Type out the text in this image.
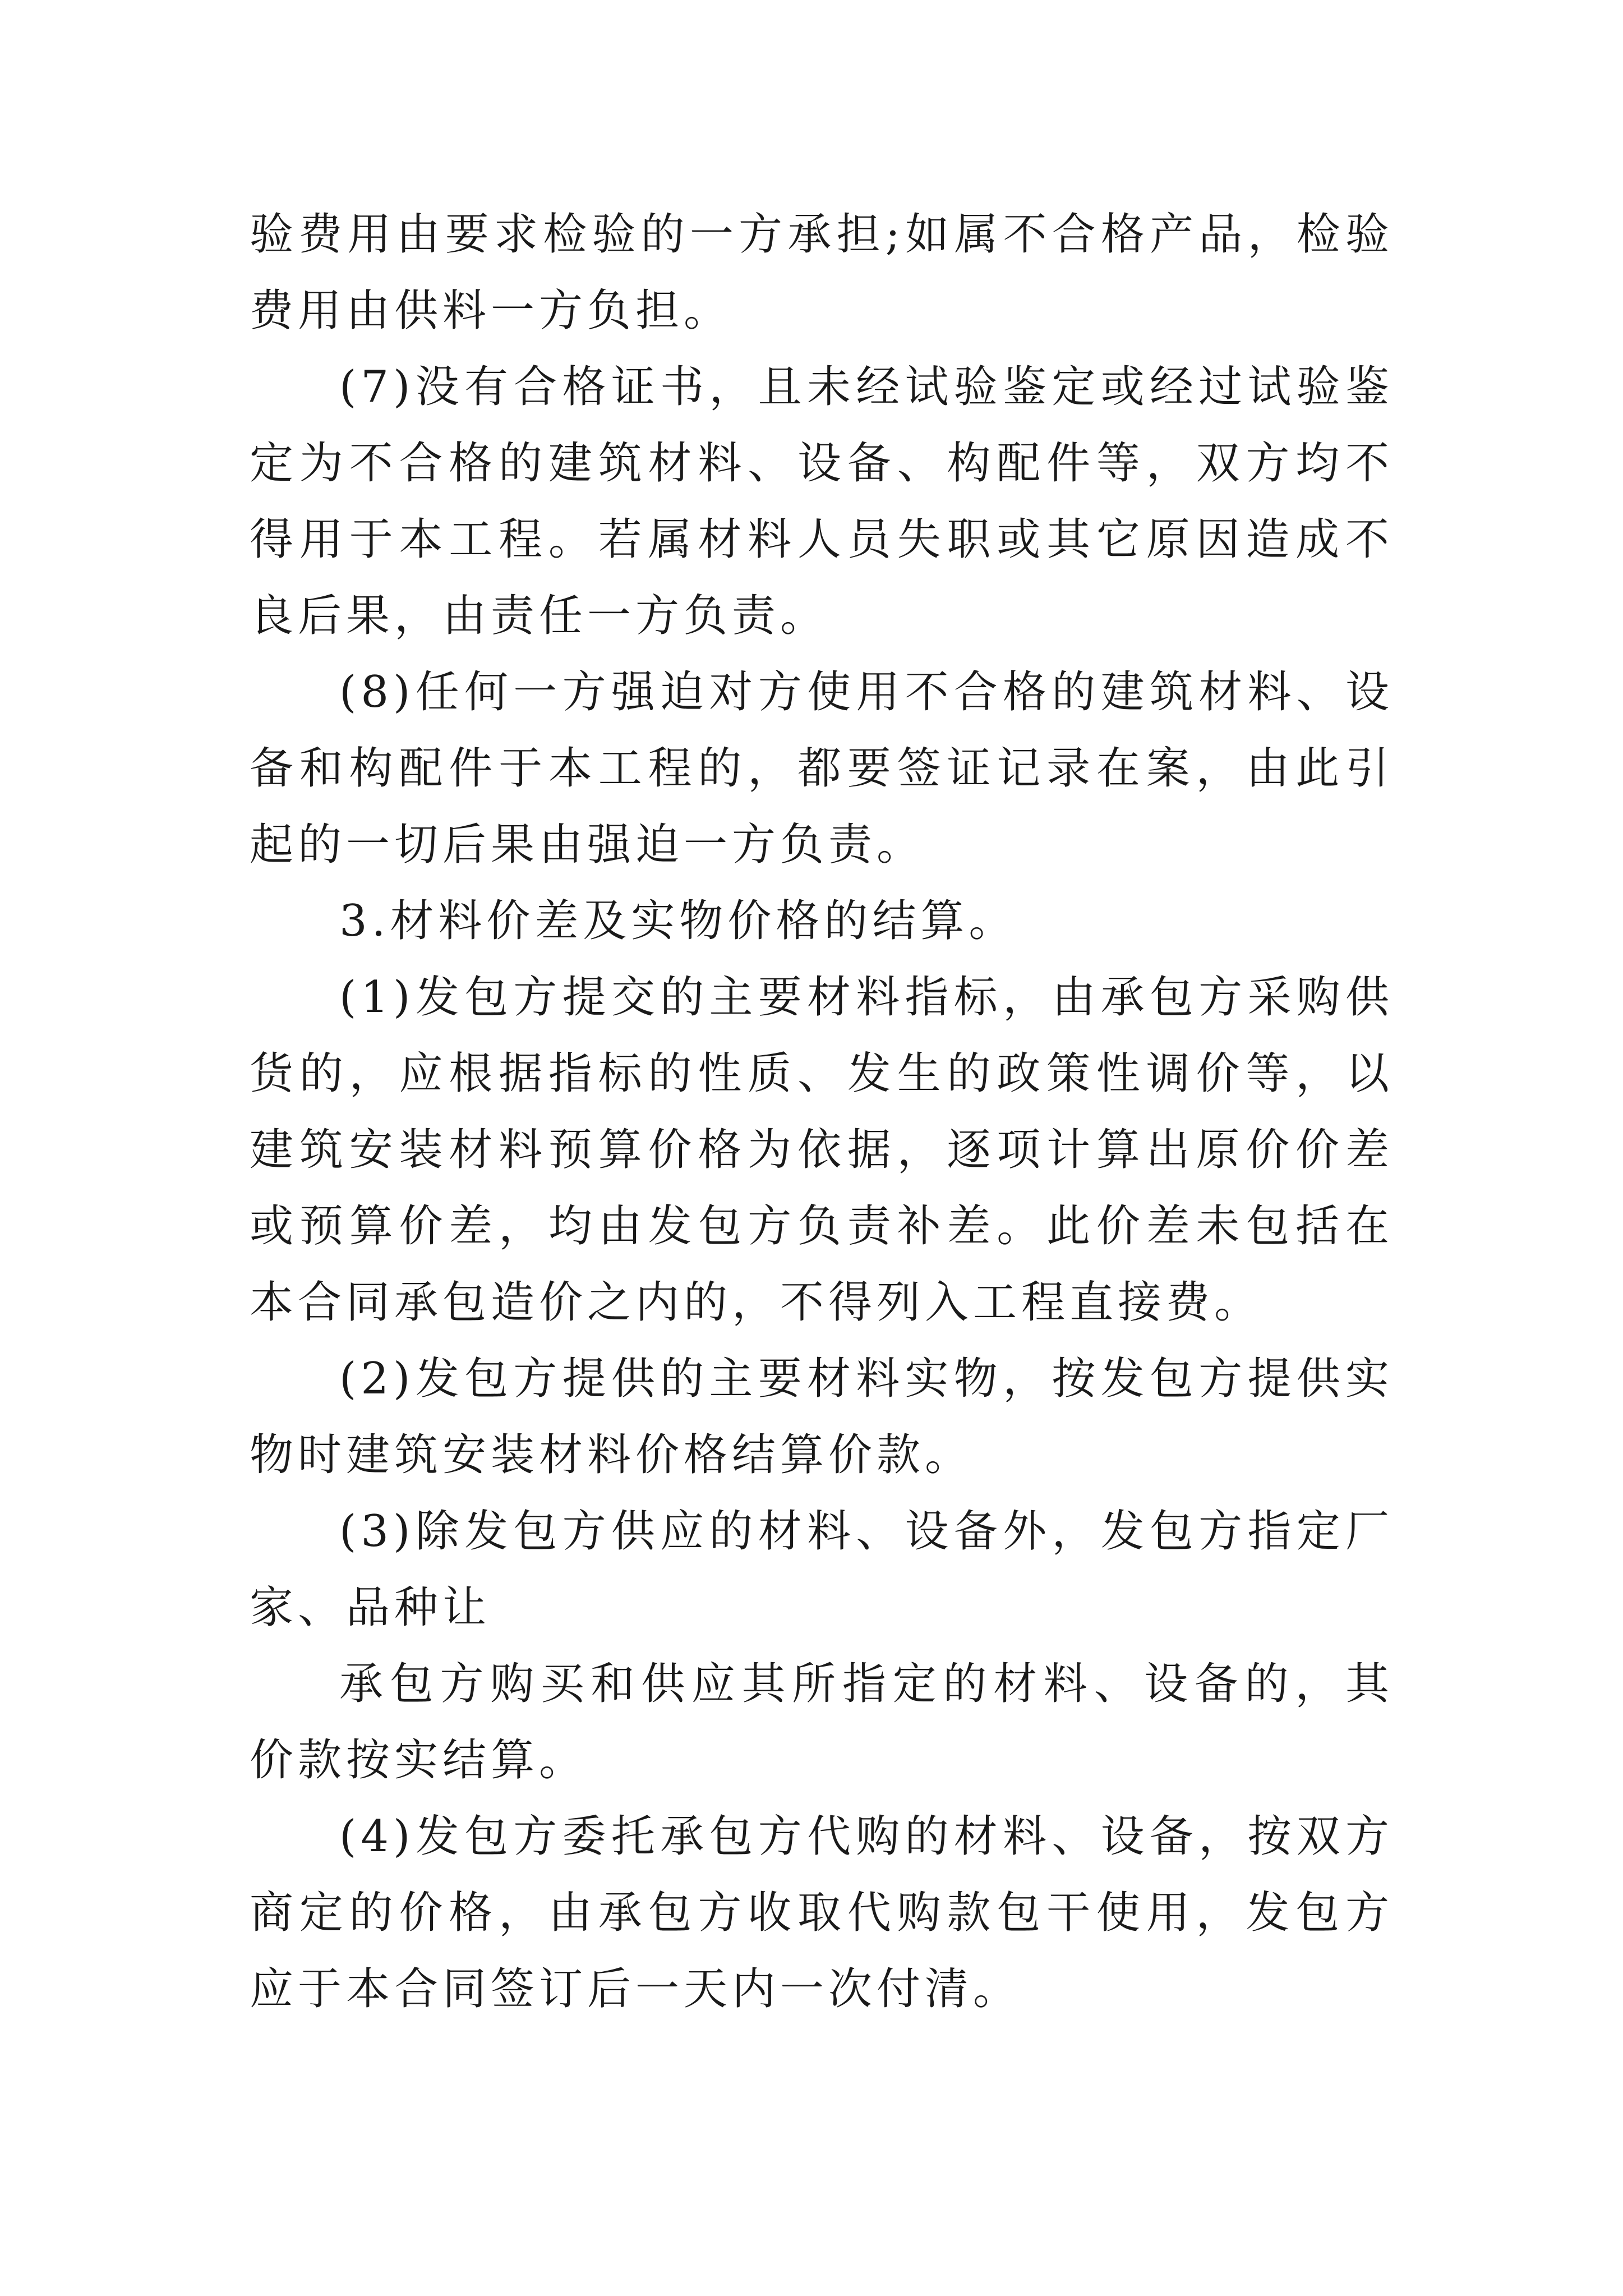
验费用由要求检验的一方承担;如属不合格产品，检验费用由供料一方负担。

(7)没有合格证书，且未经试验鉴定或经过试验鉴定为不合格的建筑材料、设备、构配件等，双方均不得用于本工程。若属材料人员失职或其它原因造成不良后果，由责任一方负责。

(8)任何一方强迫对方使用不合格的建筑材料、设备和构配件于本工程的，都要签证记录在案，由此引起的一切后果由强迫一方负责。

3.材料价差及实物价格的结算。

(1)发包方提交的主要材料指标，由承包方采购供货的，应根据指标的性质、发生的政策性调价等，以建筑安装材料预算价格为依据，逐项计算出原价价差或预算价差，均由发包方负责补差。此价差未包括在本合同承包造价之内的，不得列入工程直接费。

(2)发包方提供的主要材料实物，按发包方提供实物时建筑安装材料价格结算价款。

(3)除发包方供应的材料、设备外，发包方指定厂家、品种让

承包方购买和供应其所指定的材料、设备的，其价款按实结算。

(4)发包方委托承包方代购的材料、设备，按双方商定的价格，由承包方收取代购款包干使用，发包方应于本合同签订后一天内一次付清。
